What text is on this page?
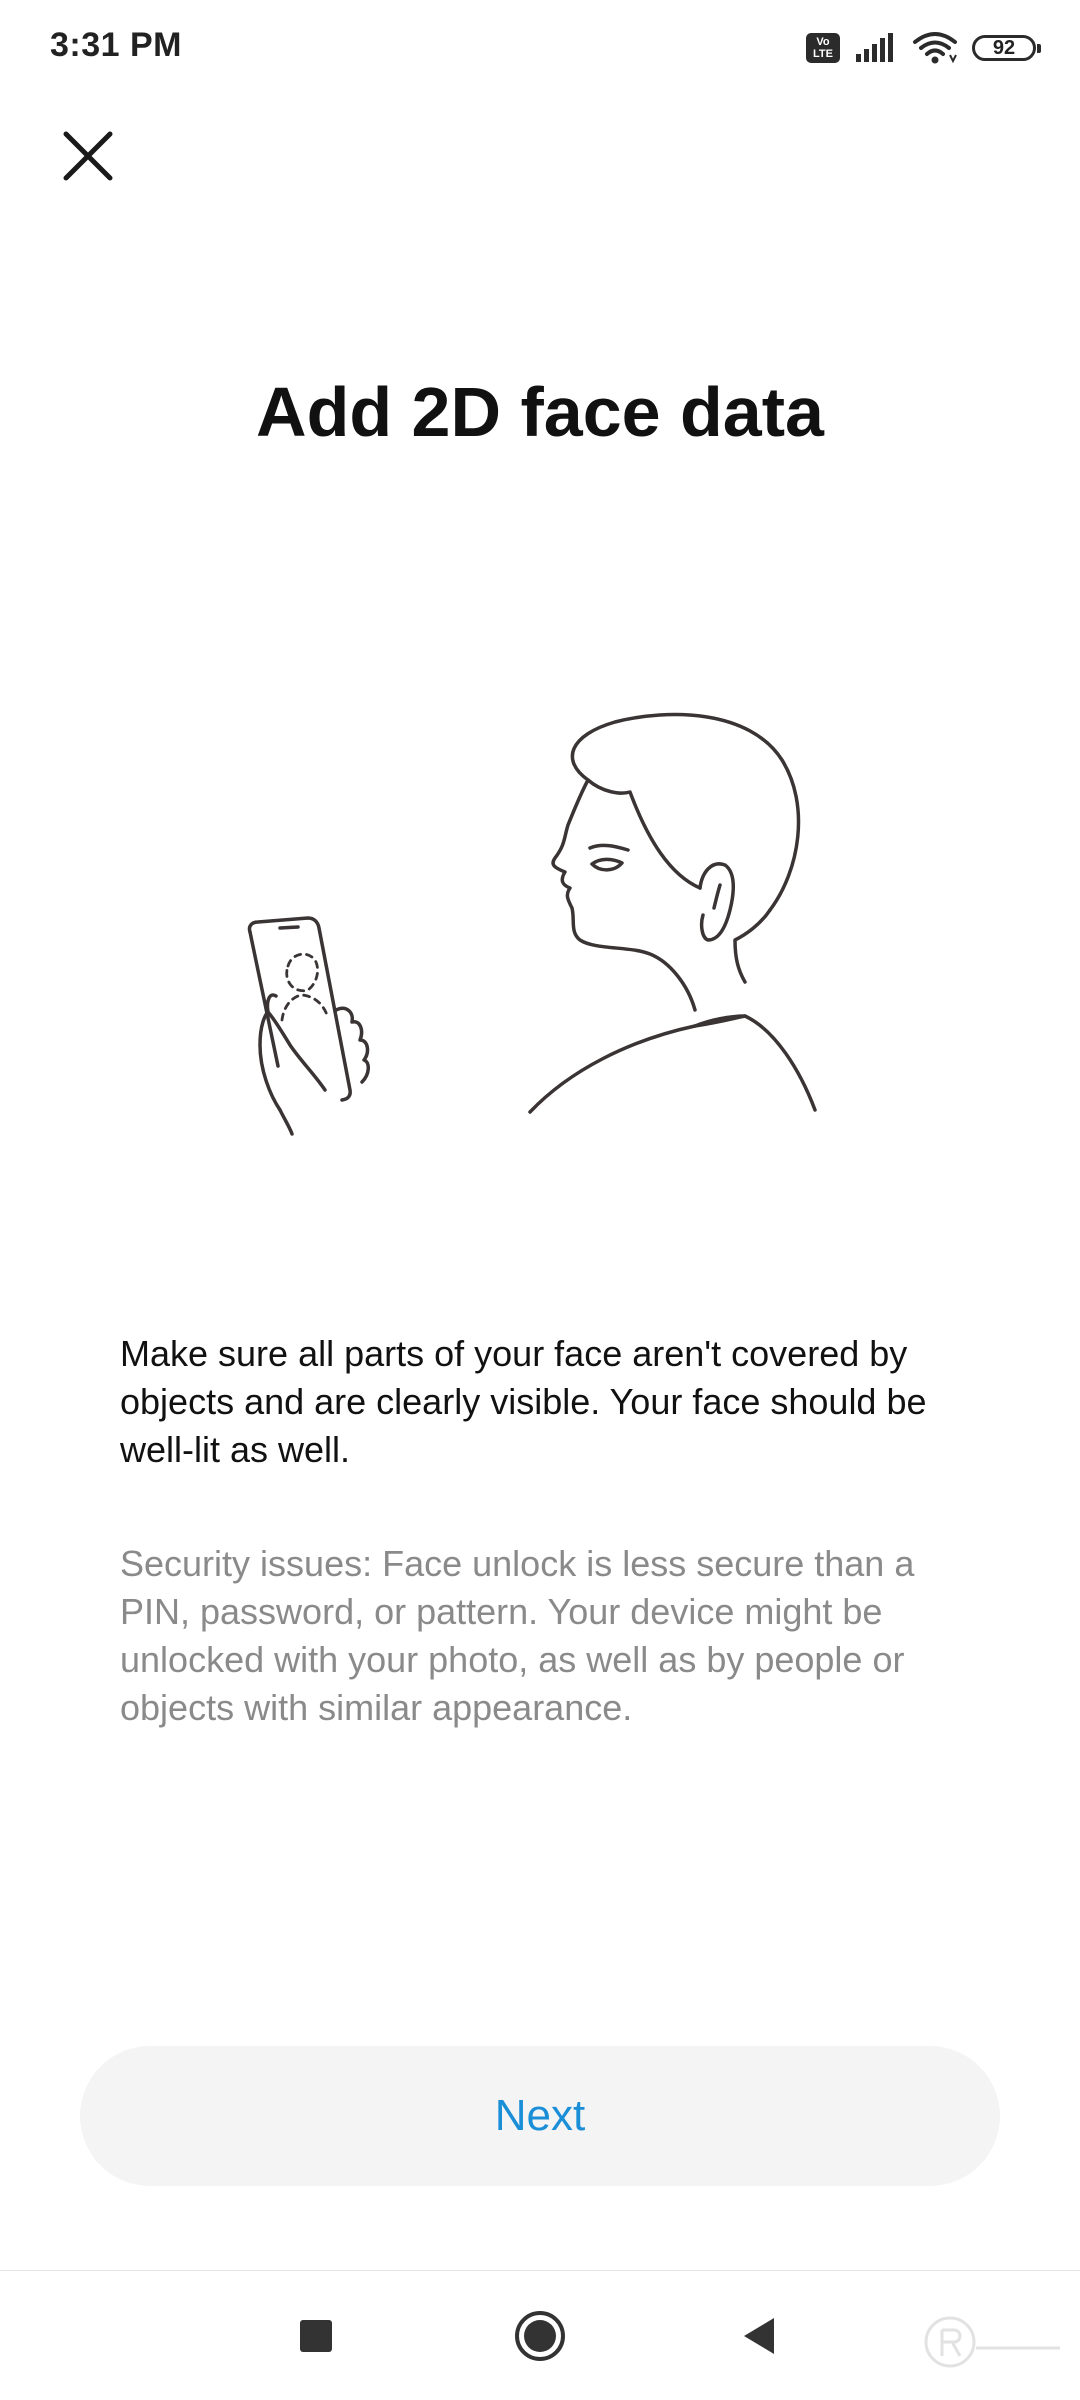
3:31 PM	Vo
LTE	92
Add 2D face data
Make sure all parts of your face aren't covered by objects and are clearly visible. Your face should be well-lit as well.
Security issues: Face unlock is less secure than a PIN, password, or pattern. Your device might be unlocked with your photo, as well as by people or objects with similar appearance.
Next
